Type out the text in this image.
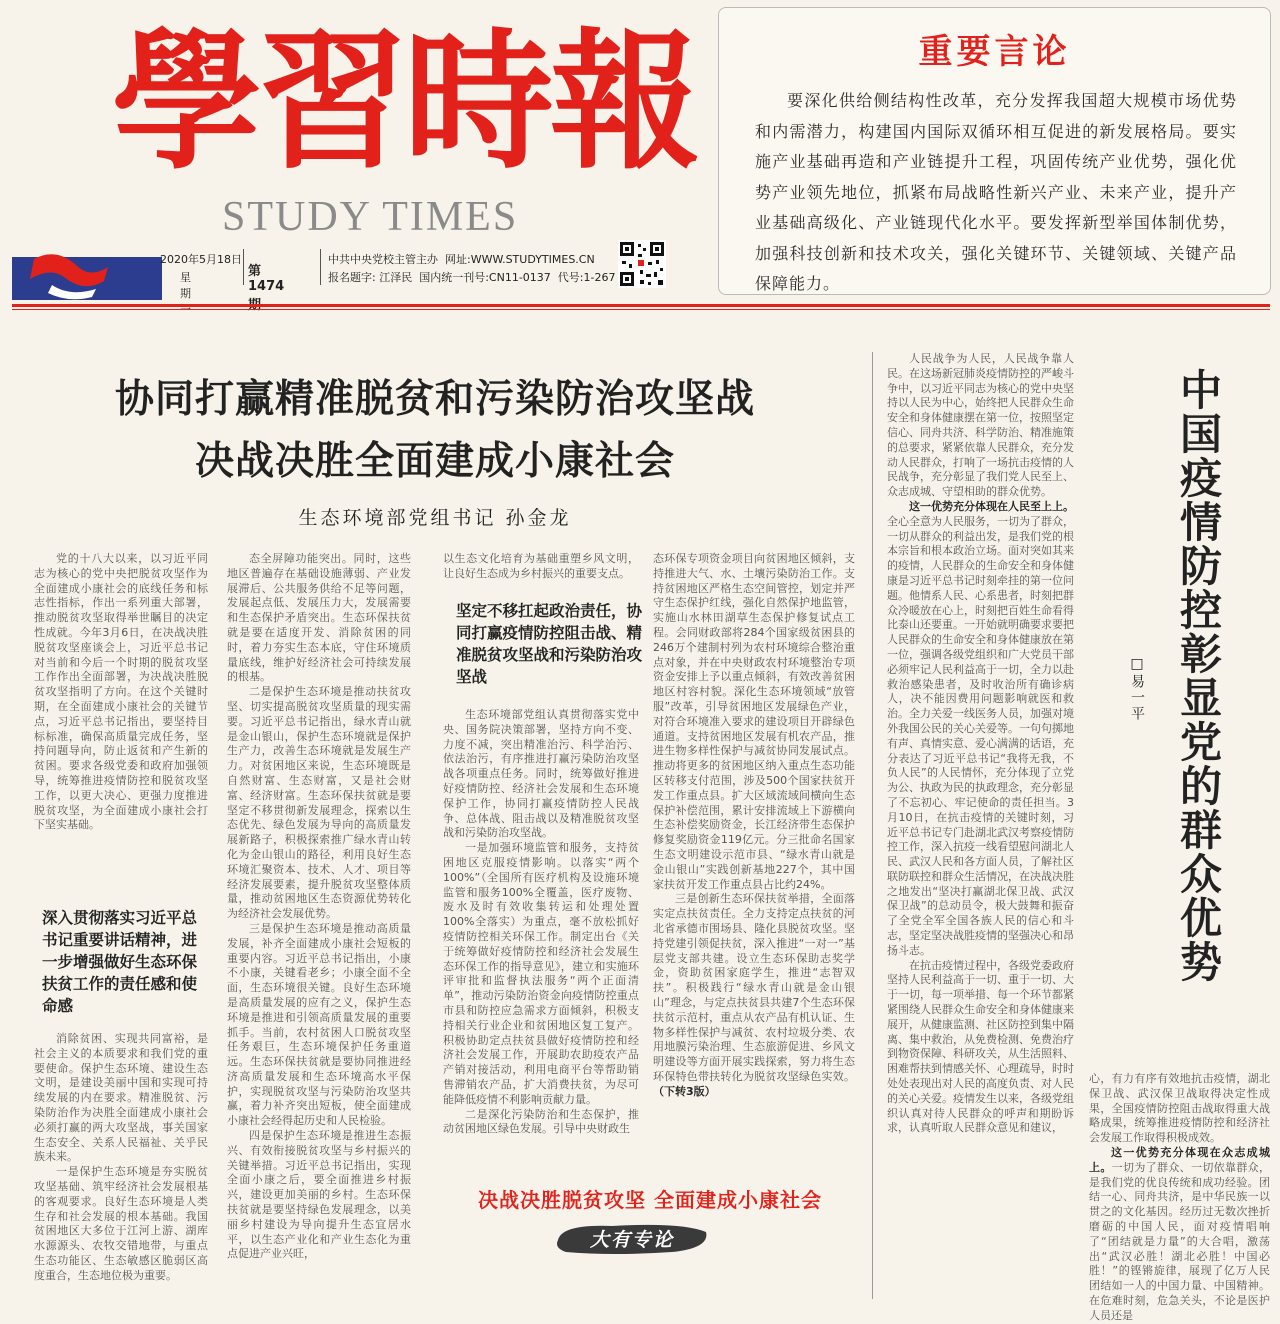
學習時報
STUDY TIMES
2020年5月18日
星期一
第1474
中共中央党校主管主办 网址:WWW.STUDYTIMES.CN
报名题字: 江泽民 国内统一刊号:CN11-0137 代号:1-267
重要言论
要深化供给侧结构性改革，充分发挥我国超大规模市场优势和内需潜力，构建国内国际双循环相互促进的新发展格局。要实施产业基础再造和产业链提升工程，巩固传统产业优势，强化优势产业领先地位，抓紧布局战略性新兴产业、未来产业，提升产业基础高级化、产业链现代化水平。要发挥新型举国体制优势，加强科技创新和技术攻关，强化关键环节、关键领域、关键产品保障能力。
协同打赢精准脱贫和污染防治攻坚战
决战决胜全面建成小康社会
生态环境部党组书记 孙金龙

党的十八大以来，以习近平同志为核心的党中央把脱贫攻坚作为全面建成小康社会的底线任务和标志性指标，作出一系列重大部署，推动脱贫攻坚取得举世瞩目的决定性成就。今年3月6日，在决战决胜脱贫攻坚座谈会上，习近平总书记对当前和今后一个时期的脱贫攻坚工作作出全面部署，为决战决胜脱贫攻坚指明了方向。在这个关键时期，在全面建成小康社会的关键节点，习近平总书记指出，要坚持目标标准，确保高质量完成任务，坚持问题导向，防止返贫和产生新的贫困。要求各级党委和政府加强领导，统筹推进疫情防控和脱贫攻坚工作，以更大决心、更强力度推进脱贫攻坚，为全面建成小康社会打下坚实基础。

深入贯彻落实习近平总书记重要讲话精神，进一步增强做好生态环保扶贫工作的责任感和使命感

消除贫困、实现共同富裕，是社会主义的本质要求和我们党的重要使命。保护生态环境、建设生态文明，是建设美丽中国和实现可持续发展的内在要求。精准脱贫、污染防治作为决胜全面建成小康社会必须打赢的两大攻坚战，事关国家生态安全、关系人民福祉、关乎民族未来。

一是保护生态环境是夯实脱贫攻坚基础、筑牢经济社会发展根基的客观要求。良好生态环境是人类生存和社会发展的根本基础。我国贫困地区大多位于江河上游、湖库水源源头、农牧交错地带，与重点生态功能区、生态敏感区脆弱区高度重合，生态地位极为重要。

态全屏障功能突出。同时，这些地区普遍存在基础设施薄弱、产业发展滞后、公共服务供给不足等问题，发展起点低、发展压力大，发展需要和生态保护矛盾突出。生态环保扶贫就是要在适度开发、消除贫困的同时，着力夯实生态本底，守住环境质量底线，维护好经济社会可持续发展的根基。

二是保护生态环境是推动扶贫攻坚、切实提高脱贫攻坚质量的现实需要。习近平总书记指出，绿水青山就是金山银山，保护生态环境就是保护生产力，改善生态环境就是发展生产力。对贫困地区来说，生态环境既是自然财富、生态财富，又是社会财富、经济财富。生态环保扶贫就是要坚定不移贯彻新发展理念，探索以生态优先、绿色发展为导向的高质量发展新路子，积极探索推广绿水青山转化为金山银山的路径，利用良好生态环境汇聚资本、技术、人才、项目等经济发展要素，提升脱贫攻坚整体质量，推动贫困地区生态资源优势转化为经济社会发展优势。

三是保护生态环境是推动高质量发展，补齐全面建成小康社会短板的重要内容。习近平总书记指出，小康不小康，关键看老乡；小康全面不全面，生态环境很关键。良好生态环境是高质量发展的应有之义，保护生态环境是推进和引领高质量发展的重要抓手。当前，农村贫困人口脱贫攻坚任务艰巨，生态环境保护任务重道远。生态环保扶贫就是要协同推进经济高质量发展和生态环境高水平保护，实现脱贫攻坚与污染防治攻坚共赢，着力补齐突出短板，使全面建成小康社会经得起历史和人民检验。

四是保护生态环境是推进生态振兴、有效衔接脱贫攻坚与乡村振兴的关键举措。习近平总书记指出，实现全面小康之后，要全面推进乡村振兴，建设更加美丽的乡村。生态环保扶贫就是要坚持绿色发展理念，以美丽乡村建设为导向提升生态宜居水平，以生态产业化和产业生态化为重点促进产业兴旺，

以生态文化培育为基础重塑乡风文明，让良好生态成为乡村振兴的重要支点。

坚定不移扛起政治责任，协同打赢疫情防控阻击战、精准脱贫攻坚战和污染防治攻坚战

生态环境部党组认真贯彻落实党中央、国务院决策部署，坚持方向不变、力度不减，突出精准治污、科学治污、依法治污，有序推进打赢污染防治攻坚战各项重点任务。同时，统筹做好推进好疫情防控、经济社会发展和生态环境保护工作，协同打赢疫情防控人民战争、总体战、阻击战以及精准脱贫攻坚战和污染防治攻坚战。

一是加强环境监管和服务，支持贫困地区克服疫情影响。以落实“两个100%”（全国所有医疗机构及设施环境监管和服务100%全覆盖，医疗废物、废水及时有效收集转运和处理处置100%全落实）为重点，毫不放松抓好疫情防控相关环保工作。制定出台《关于统筹做好疫情防控和经济社会发展生态环保工作的指导意见》，建立和实施环评审批和监督执法服务“两个正面清单”，推动污染防治资金向疫情防控重点市县和防控应急需求方面倾斜，积极支持相关行业企业和贫困地区复工复产。积极协助定点扶贫县做好疫情防控和经济社会发展工作，开展助农助疫农产品产销对接活动，利用电商平台等帮助销售滞销农产品，扩大消费扶贫，为尽可能降低疫情不利影响贡献力量。

二是深化污染防治和生态保护，推动贫困地区绿色发展。引导中央财政生

态环保专项资金项目向贫困地区倾斜，支持推进大气、水、土壤污染防治工作。支持贫困地区严格生态空间管控，划定并严守生态保护红线，强化自然保护地监管，实施山水林田湖草生态保护修复试点工程。会同财政部将284个国家级贫困县的246万个建制村列为农村环境综合整治重点对象，并在中央财政农村环境整治专项资金安排上予以重点倾斜，有效改善贫困地区村容村貌。深化生态环境领域“放管服”改革，引导贫困地区发展绿色产业，对符合环境准入要求的建设项目开辟绿色通道。支持贫困地区发展有机农产品，推进生物多样性保护与减贫协同发展试点。推动将更多的贫困地区纳入重点生态功能区转移支付范围，涉及500个国家扶贫开发工作重点县。扩大区域流域间横向生态保护补偿范围，累计安排流域上下游横向生态补偿奖励资金，长江经济带生态保护修复奖励资金119亿元。分三批命名国家生态文明建设示范市县、“绿水青山就是金山银山”实践创新基地227个，其中国家扶贫开发工作重点县占比约24%。

三是创新生态环保扶贫举措，全面落实定点扶贫责任。全力支持定点扶贫的河北省承德市围场县、隆化县脱贫攻坚。坚持党建引领促扶贫，深入推进“一对一”基层党支部共建。设立生态环保助志奖学金，资助贫困家庭学生，推进“志智双扶”。积极践行“绿水青山就是金山银山”理念，与定点扶贫县共建7个生态环保扶贫示范村，重点从农产品有机认证、生物多样性保护与减贫、农村垃圾分类、农用地膜污染治理、生态旅游促进、乡风文明建设等方面开展实践探索，努力将生态环保特色带扶转化为脱贫攻坚绿色实效。（下转3版）

决战决胜脱贫攻坚 全面建成小康社会
大有专论

人民战争为人民，人民战争靠人民。在这场新冠肺炎疫情防控的严峻斗争中，以习近平同志为核心的党中央坚持以人民为中心，始终把人民群众生命安全和身体健康摆在第一位，按照坚定信心、同舟共济、科学防治、精准施策的总要求，紧紧依靠人民群众，充分发动人民群众，打响了一场抗击疫情的人民战争，充分彰显了我们党人民至上、众志成城、守望相助的群众优势。

这一优势充分体现在人民至上上。全心全意为人民服务，一切为了群众，一切从群众的利益出发，是我们党的根本宗旨和根本政治立场。面对突如其来的疫情，人民群众的生命安全和身体健康是习近平总书记时刻牵挂的第一位问题。他情系人民、心系患者，时刻把群众冷暖放在心上，时刻把百姓生命看得比泰山还要重。一开始就明确要求要把人民群众的生命安全和身体健康放在第一位，强调各级党组织和广大党员干部必须牢记人民利益高于一切，全力以赴救治感染患者，及时收治所有确诊病人，决不能因费用问题影响就医和救治。全力关爱一线医务人员，加强对境外我国公民的关心关爱等。一句句掷地有声、真情实意、爱心满满的话语，充分表达了习近平总书记“我将无我，不负人民”的人民情怀，充分体现了立党为公、执政为民的执政理念，充分彰显了不忘初心、牢记使命的责任担当。3月10日，在抗击疫情的关键时刻，习近平总书记专门赴湖北武汉考察疫情防控工作，深入抗疫一线看望慰问湖北人民、武汉人民和各方面人员，了解社区联防联控和群众生活情况，在决战决胜之地发出“坚决打赢湖北保卫战、武汉保卫战”的总动员令，极大鼓舞和振奋了全党全军全国各族人民的信心和斗志，坚定坚决战胜疫情的坚强决心和昂扬斗志。

在抗击疫情过程中，各级党委政府坚持人民利益高于一切、重于一切、大于一切，每一项举措、每一个环节都紧紧围绕人民群众生命安全和身体健康来展开，从健康监测、社区防控到集中隔离、集中救治，从免费检测、免费治疗到物资保障、科研攻关，从生活照料、困难帮扶到情感关怀、心理疏导，时时处处表现出对人民的高度负责、对人民的关心关爱。疫情发生以来，各级党组织认真对待人民群众的呼声和期盼诉求，认真听取人民群众意见和建议，

中国疫情防控彰显党的群众优势
□易一平

心，有力有序有效地抗击疫情，湖北保卫战、武汉保卫战取得决定性成果，全国疫情防控阻击战取得重大战略成果，统筹推进疫情防控和经济社会发展工作取得积极成效。

这一优势充分体现在众志成城上。一切为了群众、一切依靠群众，是我们党的优良传统和成功经验。团结一心、同舟共济，是中华民族一以贯之的文化基因。经历过无数次挫折磨砺的中国人民，面对疫情唱响了“团结就是力量”的大合唱，激荡出“武汉必胜！湖北必胜！中国必胜！”的铿锵旋律，展现了亿万人民团结如一人的中国力量、中国精神。在危难时刻，危急关头，不论是医护人员还是
